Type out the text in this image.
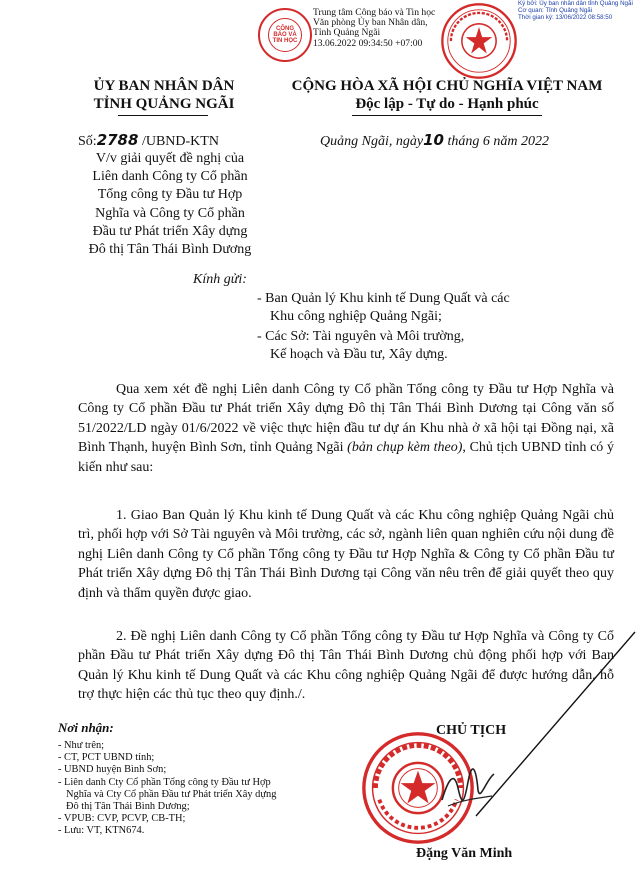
CÔNG BÁO VÀ TIN HỌC
Trung tâm Công báo và Tin học
Văn phòng Ủy ban Nhân dân,
Tỉnh Quảng Ngãi
13.06.2022 09:34:50 +07:00
Ký bởi: Ủy ban nhân dân tỉnh Quảng Ngãi
Cơ quan: Tỉnh Quảng Ngãi
Thời gian ký: 13/06/2022 08:58:50
ỦY BAN NHÂN DÂN
TỈNH QUẢNG NGÃI
CỘNG HÒA XÃ HỘI CHỦ NGHĨA VIỆT NAM
Độc lập - Tự do - Hạnh phúc
Số:2788 /UBND-KTN
V/v giải quyết đề nghị của
Liên danh Công ty Cổ phần
Tổng công ty Đầu tư Hợp
Nghĩa và Công ty Cổ phần
Đầu tư Phát triển Xây dựng
Đô thị Tân Thái Bình Dương
Quảng Ngãi, ngày10 tháng 6 năm 2022
Kính gửi:
- Ban Quản lý Khu kinh tế Dung Quất và các
Khu công nghiệp Quảng Ngãi;
- Các Sở: Tài nguyên và Môi trường,
Kế hoạch và Đầu tư, Xây dựng.

Qua xem xét đề nghị Liên danh Công ty Cổ phần Tổng công ty Đầu tư Hợp Nghĩa và Công ty Cổ phần Đầu tư Phát triển Xây dựng Đô thị Tân Thái Bình Dương tại Công văn số 51/2022/LD ngày 01/6/2022 về việc thực hiện đầu tư dự án Khu nhà ở xã hội tại Đồng nại, xã Bình Thạnh, huyện Bình Sơn, tỉnh Quảng Ngãi (bản chụp kèm theo), Chủ tịch UBND tỉnh có ý kiến như sau:

1. Giao Ban Quản lý Khu kinh tế Dung Quất và các Khu công nghiệp Quảng Ngãi chủ trì, phối hợp với Sở Tài nguyên và Môi trường, các sở, ngành liên quan nghiên cứu nội dung đề nghị Liên danh Công ty Cổ phần Tổng công ty Đầu tư Hợp Nghĩa & Công ty Cổ phần Đầu tư Phát triển Xây dựng Đô thị Tân Thái Bình Dương tại Công văn nêu trên để giải quyết theo quy định và thẩm quyền được giao.

2. Đề nghị Liên danh Công ty Cổ phần Tổng công ty Đầu tư Hợp Nghĩa và Công ty Cổ phần Đầu tư Phát triển Xây dựng Đô thị Tân Thái Bình Dương chủ động phối hợp với Ban Quản lý Khu kinh tế Dung Quất và các Khu công nghiệp Quảng Ngãi để được hướng dẫn, hỗ trợ thực hiện các thủ tục theo quy định./.

Nơi nhận:
- Như trên;
- CT, PCT UBND tỉnh;
- UBND huyện Bình Sơn;
- Liên danh Cty Cổ phần Tổng công ty Đầu tư Hợp
Nghĩa và Cty Cổ phần Đầu tư Phát triển Xây dựng
Đô thị Tân Thái Bình Dương;
- VPUB: CVP, PCVP, CB-TH;
- Lưu: VT, KTN674.
CHỦ TỊCH
Đặng Văn Minh
